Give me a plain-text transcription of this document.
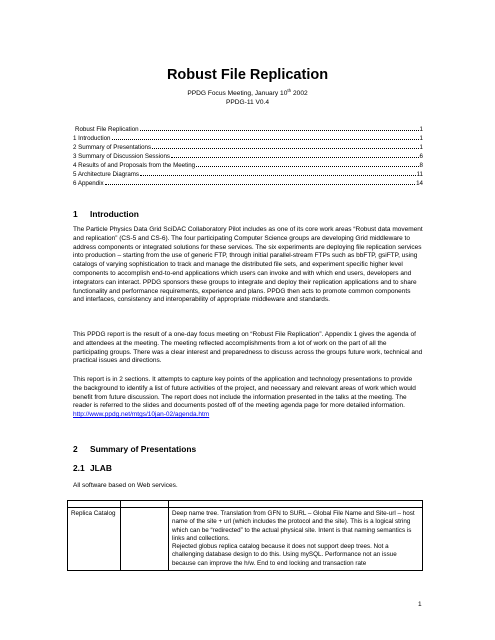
Robust File Replication
PPDG Focus Meeting, January 10th 2002
PPDG-11 V0.4
Robust File Replication	1
1 Introduction	1
2 Summary of Presentations	1
3 Summary of Discussion Sessions	6
4 Results of and Proposals from the Meeting	8
5 Architecture Diagrams	11
6 Appendix	14
1 Introduction

The Particle Physics Data Grid SciDAC Collaboratory Pilot includes as one of its core work areas “Robust data movement and replication” (CS-5 and CS-6). The four participating Computer Science groups are developing Grid middleware to address components or integrated solutions for these services. The six experiments are deploying file replication services into production – starting from the use of generic FTP, through initial parallel-stream FTPs such as bbFTP, gsiFTP, using catalogs of varying sophistication to track and manage the distributed file sets, and experiment specific higher level components to accomplish end-to-end applications which users can invoke and with which end users, developers and integrators can interact. PPDG sponsors these groups to integrate and deploy their replication applications and to share functionality and performance requirements, experience and plans. PPDG then acts to promote common components and interfaces, consistency and interoperability of appropriate middleware and standards.

This PPDG report is the result of a one-day focus meeting on “Robust File Replication”. Appendix 1 gives the agenda of and attendees at the meeting. The meeting reflected accomplishments from a lot of work on the part of all the participating groups. There was a clear interest and preparedness to discuss across the groups future work, technical and practical issues and directions.

This report is in 2 sections. It attempts to capture key points of the application and technology presentations to provide the background to identify a list of future activities of the project, and necessary and relevant areas of work which would benefit from future discussion. The report does not include the information presented in the talks at the meeting. The reader is referred to the slides and documents posted off of the meeting agenda page for more detailed information. http://www.ppdg.net/mtgs/10jan-02/agenda.htm

2 Summary of Presentations
2.1 JLAB

All software based on Web services.

Replica Catalog		Deep name tree. Translation from GFN to SURL – Global File Name and Site-url – host name of the site + url (which includes the protocol and the site). This is a logical string which can be “redirected” to the actual physical site. Intent is that naming semantics is links and collections.
Rejected globus replica catalog because it does not support deep trees. Not a challenging database design to do this. Using mySQL. Performance not an issue because can improve the h/w. End to end locking and transaction rate
1
